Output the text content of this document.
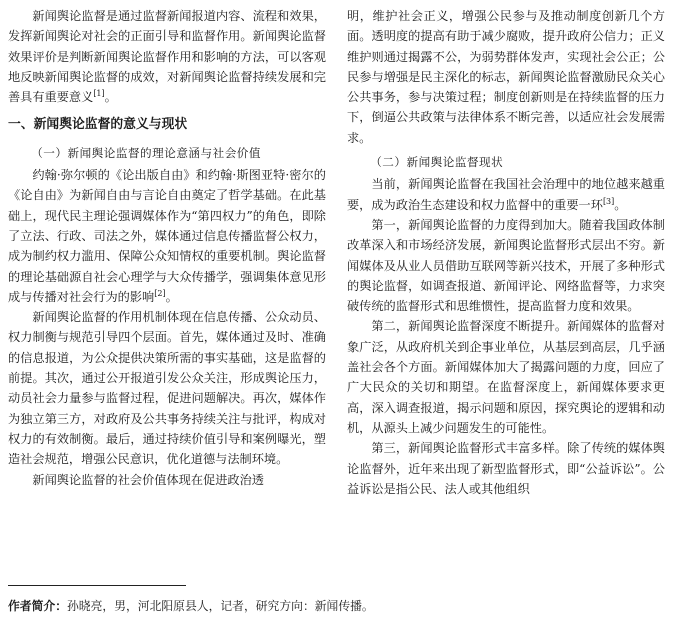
新闻舆论监督是通过监督新闻报道内容、流程和效果，发挥新闻舆论对社会的正面引导和监督作用。新闻舆论监督效果评价是判断新闻舆论监督作用和影响的方法，可以客观地反映新闻舆论监督的成效，对新闻舆论监督持续发展和完善具有重要意义[1]。

一、新闻舆论监督的意义与现状

（一）新闻舆论监督的理论意涵与社会价值

约翰·弥尔顿的《论出版自由》和约翰·斯图亚特·密尔的《论自由》为新闻自由与言论自由奠定了哲学基础。在此基础上，现代民主理论强调媒体作为“第四权力”的角色，即除了立法、行政、司法之外，媒体通过信息传播监督公权力，成为制约权力滥用、保障公众知情权的重要机制。舆论监督的理论基础源自社会心理学与大众传播学，强调集体意见形成与传播对社会行为的影响[2]。

新闻舆论监督的作用机制体现在信息传播、公众动员、权力制衡与规范引导四个层面。首先，媒体通过及时、准确的信息报道，为公众提供决策所需的事实基础，这是监督的前提。其次，通过公开报道引发公众关注，形成舆论压力，动员社会力量参与监督过程，促进问题解决。再次，媒体作为独立第三方，对政府及公共事务持续关注与批评，构成对权力的有效制衡。最后，通过持续价值引导和案例曝光，塑造社会规范，增强公民意识，优化道德与法制环境。

新闻舆论监督的社会价值体现在促进政治透

明，维护社会正义，增强公民参与及推动制度创新几个方面。透明度的提高有助于减少腐败，提升政府公信力；正义维护则通过揭露不公，为弱势群体发声，实现社会公正；公民参与增强是民主深化的标志，新闻舆论监督激励民众关心公共事务，参与决策过程；制度创新则是在持续监督的压力下，倒逼公共政策与法律体系不断完善，以适应社会发展需求。

（二）新闻舆论监督现状

当前，新闻舆论监督在我国社会治理中的地位越来越重要，成为政治生态建设和权力监督中的重要一环[3]。

第一，新闻舆论监督的力度得到加大。随着我国政体制改革深入和市场经济发展，新闻舆论监督形式层出不穷。新闻媒体及从业人员借助互联网等新兴技术，开展了多种形式的舆论监督，如调查报道、新闻评论、网络监督等，力求突破传统的监督形式和思维惯性，提高监督力度和效果。

第二，新闻舆论监督深度不断提升。新闻媒体的监督对象广泛，从政府机关到企事业单位，从基层到高层，几乎涵盖社会各个方面。新闻媒体加大了揭露问题的力度，回应了广大民众的关切和期望。在监督深度上，新闻媒体要求更高，深入调查报道，揭示问题和原因，探究舆论的逻辑和动机，从源头上减少问题发生的可能性。

第三，新闻舆论监督形式丰富多样。除了传统的媒体舆论监督外，近年来出现了新型监督形式，即“公益诉讼”。公益诉讼是指公民、法人或其他组织

作者简介：孙晓亮，男，河北阳原县人，记者，研究方向：新闻传播。
